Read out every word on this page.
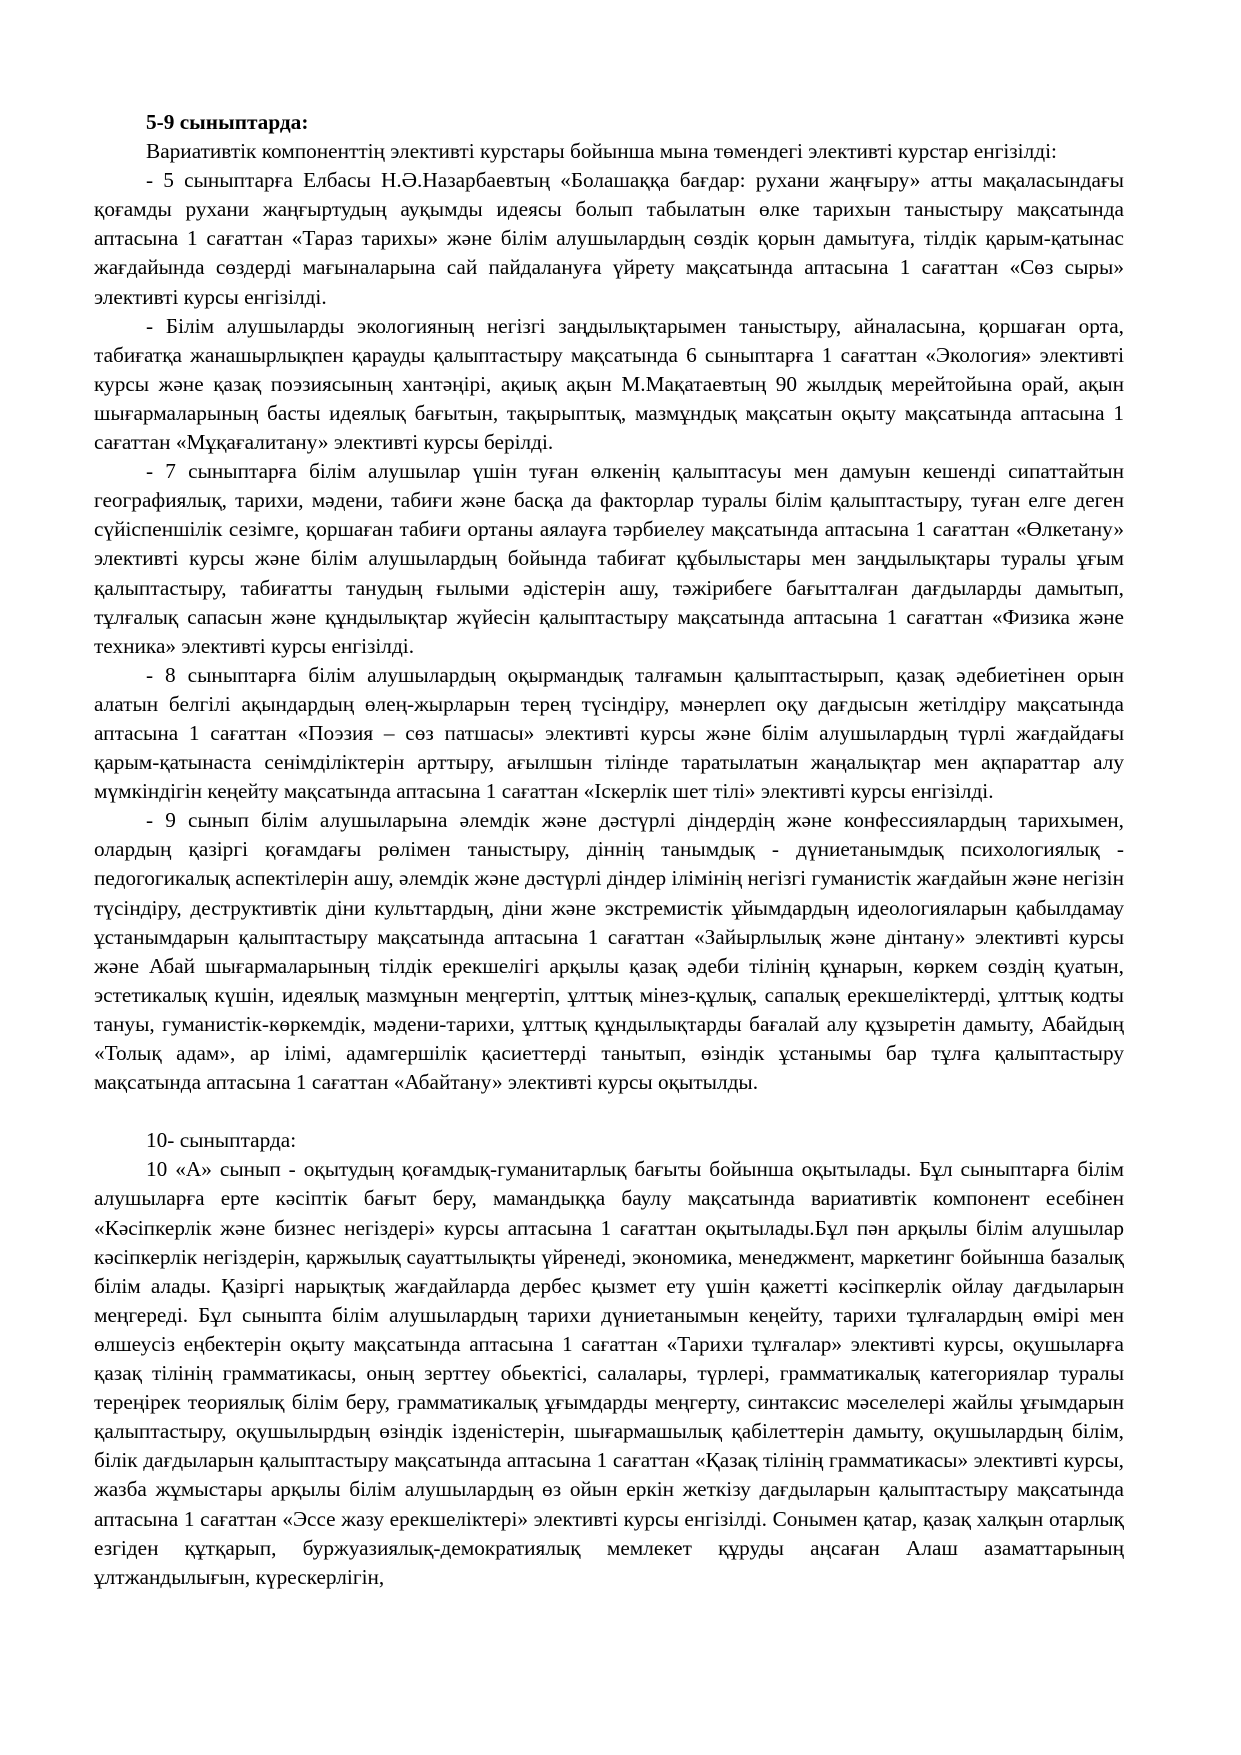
5-9 сыныптарда:

Вариативтік компоненттің элективті курстары бойынша мына төмендегі элективті курстар енгізілді:

- 5 сыныптарға Елбасы Н.Ә.Назарбаевтың «Болашаққа бағдар: рухани жаңғыру» атты мақаласындағы қоғамды рухани жаңғыртудың ауқымды идеясы болып табылатын өлке тарихын таныстыру мақсатында аптасына 1 сағаттан «Тараз тарихы» және білім алушылардың сөздік қорын дамытуға, тілдік қарым-қатынас жағдайында сөздерді мағыналарына сай пайдалануға үйрету мақсатында аптасына 1 сағаттан «Сөз сыры» элективті курсы енгізілді.

- Білім алушыларды экологияның негізгі заңдылықтарымен таныстыру, айналасына, қоршаған орта, табиғатқа жанашырлықпен қарауды қалыптастыру мақсатында 6 сыныптарға 1 сағаттан «Экология» элективті курсы және қазақ поэзиясының хантәңірі, ақиық ақын М.Мақатаевтың 90 жылдық мерейтойына орай, ақын шығармаларының басты идеялық бағытын, тақырыптық, мазмұндық мақсатын оқыту мақсатында аптасына 1 сағаттан «Мұқағалитану» элективті курсы берілді.

- 7 сыныптарға білім алушылар үшін туған өлкенің қалыптасуы мен дамуын кешенді сипаттайтын географиялық, тарихи, мәдени, табиғи және басқа да факторлар туралы білім қалыптастыру, туған елге деген сүйіспеншілік сезімге, қоршаған табиғи ортаны аялауға тәрбиелеу мақсатында аптасына 1 сағаттан «Өлкетану» элективті курсы және білім алушылардың бойында табиғат құбылыстары мен заңдылықтары туралы ұғым қалыптастыру, табиғатты танудың ғылыми әдістерін ашу, тәжірибеге бағытталған дағдыларды дамытып, тұлғалық сапасын және құндылықтар жүйесін қалыптастыру мақсатында аптасына 1 сағаттан «Физика және техника» элективті курсы енгізілді.

- 8 сыныптарға білім алушылардың оқырмандық талғамын қалыптастырып, қазақ әдебиетінен орын алатын белгілі ақындардың өлең-жырларын терең түсіндіру, мәнерлеп оқу дағдысын жетілдіру мақсатында аптасына 1 сағаттан «Поэзия – сөз патшасы» элективті курсы және білім алушылардың түрлі жағдайдағы қарым-қатынаста сенімділіктерін арттыру, ағылшын тілінде таратылатын жаңалықтар мен ақпараттар алу мүмкіндігін кеңейту мақсатында аптасына 1 сағаттан «Іскерлік шет тілі» элективті курсы енгізілді.

- 9 сынып білім алушыларына әлемдік және дәстүрлі діндердің және конфессиялардың тарихымен, олардың қазіргі қоғамдағы рөлімен таныстыру, діннің танымдық - дүниетанымдық психологиялық - педогогикалық аспектілерін ашу, әлемдік және дәстүрлі діндер ілімінің негізгі гуманистік жағдайын және негізін түсіндіру, деструктивтік діни культтардың, діни және экстремистік ұйымдардың идеологияларын қабылдамау ұстанымдарын қалыптастыру мақсатында аптасына 1 сағаттан «Зайырлылық және дінтану» элективті курсы және Абай шығармаларының тілдік ерекшелігі арқылы қазақ әдеби тілінің құнарын, көркем сөздің қуатын, эстетикалық күшін, идеялық мазмұнын меңгертіп, ұлттық мінез-құлық, сапалық ерекшеліктерді, ұлттық кодты тануы, гуманистік-көркемдік, мәдени-тарихи, ұлттық құндылықтарды бағалай алу құзыретін дамыту, Абайдың «Толық адам», ар ілімі, адамгершілік қасиеттерді танытып, өзіндік ұстанымы бар тұлға қалыптастыру мақсатында аптасына 1 сағаттан «Абайтану» элективті курсы оқытылды.

10- сыныптарда:

10 «А» сынып - оқытудың қоғамдық-гуманитарлық бағыты бойынша оқытылады. Бұл сыныптарға білім алушыларға ерте кәсіптік бағыт беру, мамандыққа баулу мақсатында вариативтік компонент есебінен «Кәсіпкерлік және бизнес негіздері» курсы аптасына 1 сағаттан оқытылады.Бұл пән арқылы білім алушылар кәсіпкерлік негіздерін, қаржылық сауаттылықты үйренеді, экономика, менеджмент, маркетинг бойынша базалық білім алады. Қазіргі нарықтық жағдайларда дербес қызмет ету үшін қажетті кәсіпкерлік ойлау дағдыларын меңгереді. Бұл сыныпта білім алушылардың тарихи дүниетанымын кеңейту, тарихи тұлғалардың өмірі мен өлшеусіз еңбектерін оқыту мақсатында аптасына 1 сағаттан «Тарихи тұлғалар» элективті курсы, оқушыларға қазақ тілінің грамматикасы, оның зерттеу обьектісі, салалары, түрлері, грамматикалық категориялар туралы тереңірек теориялық білім беру, грамматикалық ұғымдарды меңгерту, синтаксис мәселелері жайлы ұғымдарын қалыптастыру, оқушылырдың өзіндік ізденістерін, шығармашылық қабілеттерін дамыту, оқушылардың білім, білік дағдыларын қалыптастыру мақсатында аптасына 1 сағаттан «Қазақ тілінің грамматикасы» элективті курсы, жазба жұмыстары арқылы білім алушылардың өз ойын еркін жеткізу дағдыларын қалыптастыру мақсатында аптасына 1 сағаттан «Эссе жазу ерекшеліктері» элективті курсы енгізілді. Сонымен қатар, қазақ халқын отарлық езгіден құтқарып, буржуазиялық-демократиялық мемлекет құруды аңсаған Алаш азаматтарының ұлтжандылығын, күрескерлігін,
